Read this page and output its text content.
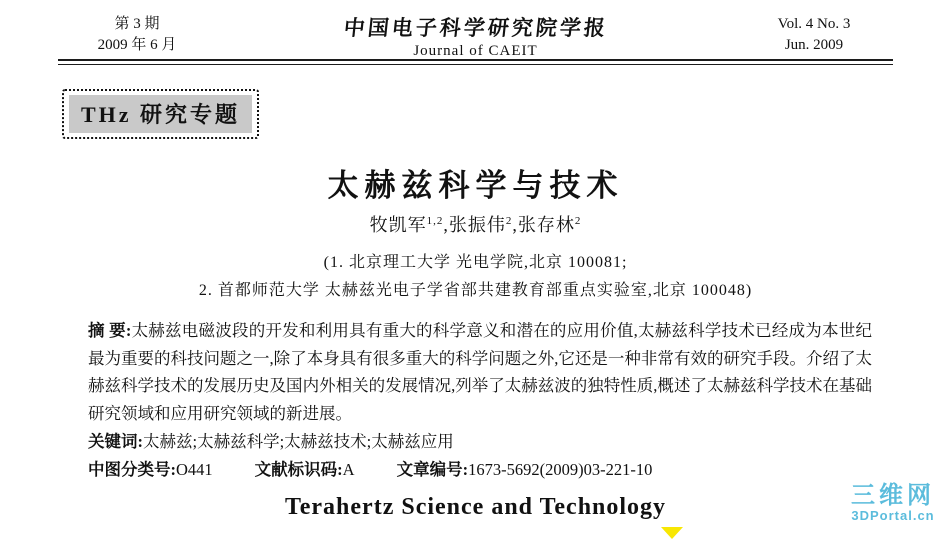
第 3 期
2009 年 6 月
中国电子科学研究院学报
Journal of CAEIT
Vol. 4 No. 3
Jun. 2009
THz 研究专题
太赫兹科学与技术
牧凯军$^{1,2}$,张振伟$^2$,张存林$^2$
(1. 北京理工大学 光电学院,北京 100081;
2. 首都师范大学 太赫兹光电子学省部共建教育部重点实验室,北京 100048)
摘 要:太赫兹电磁波段的开发和利用具有重大的科学意义和潜在的应用价值,太赫兹科学技术已经成为本世纪最为重要的科技问题之一,除了本身具有很多重大的科学问题之外,它还是一种非常有效的研究手段。介绍了太赫兹科学技术的发展历史及国内外相关的发展情况,列举了太赫兹波的独特性质,概述了太赫兹科学技术在基础研究领域和应用研究领域的新进展。
关键词:太赫兹;太赫兹科学;太赫兹技术;太赫兹应用
中图分类号:O441	文献标识码:A	文章编号:1673-5692(2009)03-221-10
Terahertz Science and Technology	三维网
3DPortal.cn
